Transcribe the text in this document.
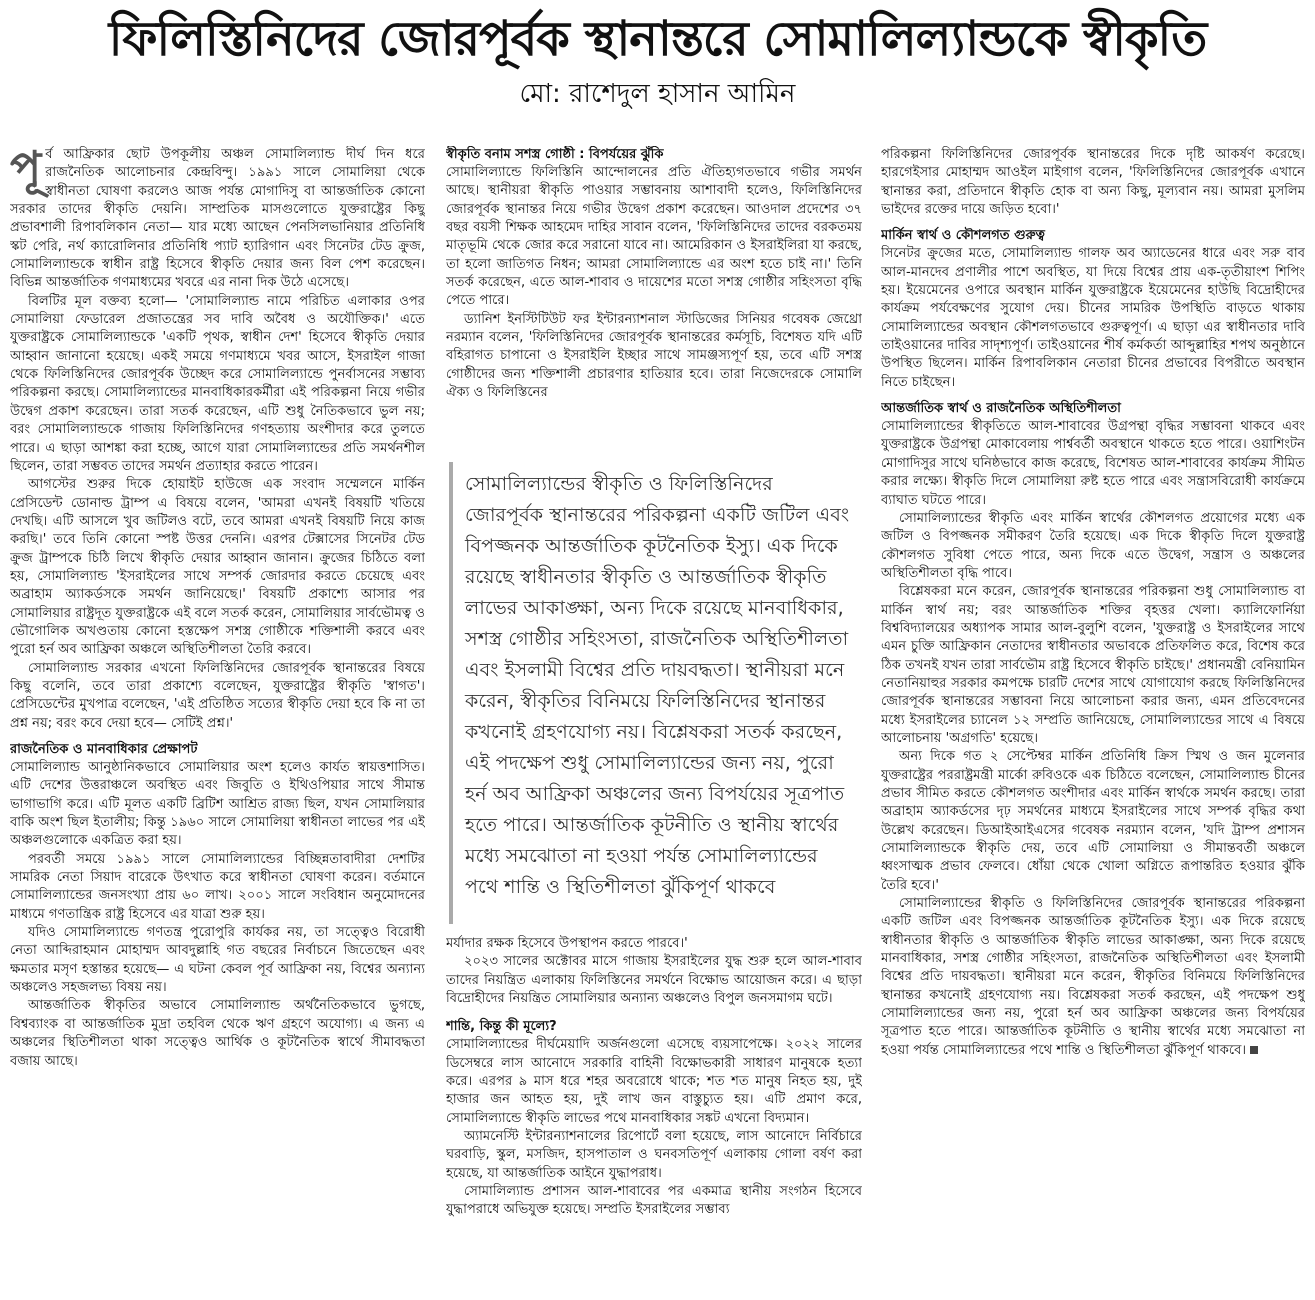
ফিলিস্তিনিদের জোরপূর্বক স্থানান্তরে সোমালিল্যান্ডকে স্বীকৃতি
মো: রাশেদুল হাসান আমিন

পূর্ব আফ্রিকার ছোট উপকূলীয় অঞ্চল সোমালিল্যান্ড দীর্ঘ দিন ধরে রাজনৈতিক আলোচনার কেন্দ্রবিন্দু। ১৯৯১ সালে সোমালিয়া থেকে স্বাধীনতা ঘোষণা করলেও আজ পর্যন্ত মোগাদিসু বা আন্তর্জাতিক কোনো সরকার তাদের স্বীকৃতি দেয়নি। সাম্প্রতিক মাসগুলোতে যুক্তরাষ্ট্রের কিছু প্রভাবশালী রিপাবলিকান নেতা— যার মধ্যে আছেন পেনসিলভানিয়ার প্রতিনিধি স্কট পেরি, নর্থ ক্যারোলিনার প্রতিনিধি প্যাট হ্যারিগান এবং সিনেটর টেড ক্রুজ, সোমালিল্যান্ডকে স্বাধীন রাষ্ট্র হিসেবে স্বীকৃতি দেয়ার জন্য বিল পেশ করেছেন। বিভিন্ন আন্তর্জাতিক গণমাধ্যমের খবরে এর নানা দিক উঠে এসেছে।

বিলটির মূল বক্তব্য হলো— 'সোমালিল্যান্ড নামে পরিচিত এলাকার ওপর সোমালিয়া ফেডারেল প্রজাতন্ত্রের সব দাবি অবৈধ ও অযৌক্তিক।' এতে যুক্তরাষ্ট্রকে সোমালিল্যান্ডকে 'একটি পৃথক, স্বাধীন দেশ' হিসেবে স্বীকৃতি দেয়ার আহ্বান জানানো হয়েছে। একই সময়ে গণমাধ্যমে খবর আসে, ইসরাইল গাজা থেকে ফিলিস্তিনিদের জোরপূর্বক উচ্ছেদ করে সোমালিল্যান্ডে পুনর্বাসনের সম্ভাব্য পরিকল্পনা করছে। সোমালিল্যান্ডের মানবাধিকারকর্মীরা এই পরিকল্পনা নিয়ে গভীর উদ্বেগ প্রকাশ করেছেন। তারা সতর্ক করেছেন, এটি শুধু নৈতিকভাবে ভুল নয়; বরং সোমালিল্যান্ডকে গাজায় ফিলিস্তিনিদের গণহত্যায় অংশীদার করে তুলতে পারে। এ ছাড়া আশঙ্কা করা হচ্ছে, আগে যারা সোমালিল্যান্ডের প্রতি সমর্থনশীল ছিলেন, তারা সম্ভবত তাদের সমর্থন প্রত্যাহার করতে পারেন।

আগস্টের শুরুর দিকে হোয়াইট হাউজে এক সংবাদ সম্মেলনে মার্কিন প্রেসিডেন্ট ডোনাল্ড ট্রাম্প এ বিষয়ে বলেন, 'আমরা এখনই বিষয়টি খতিয়ে দেখছি। এটি আসলে খুব জটিলও বটে, তবে আমরা এখনই বিষয়টি নিয়ে কাজ করছি।' তবে তিনি কোনো স্পষ্ট উত্তর দেননি। এরপর টেক্সাসের সিনেটর টেড ক্রুজ ট্রাম্পকে চিঠি লিখে স্বীকৃতি দেয়ার আহ্বান জানান। ক্রুজের চিঠিতে বলা হয়, সোমালিল্যান্ড 'ইসরাইলের সাথে সম্পর্ক জোরদার করতে চেয়েছে এবং অব্রাহাম অ্যাকর্ডসকে সমর্থন জানিয়েছে।' বিষয়টি প্রকাশ্যে আসার পর সোমালিয়ার রাষ্ট্রদূত যুক্তরাষ্ট্রকে এই বলে সতর্ক করেন, সোমালিয়ার সার্বভৌমত্ব ও ভৌগোলিক অখণ্ডতায় কোনো হস্তক্ষেপ সশস্ত্র গোষ্ঠীকে শক্তিশালী করবে এবং পুরো হর্ন অব আফ্রিকা অঞ্চলে অস্থিতিশীলতা তৈরি করবে।

সোমালিল্যান্ড সরকার এখনো ফিলিস্তিনিদের জোরপূর্বক স্থানান্তরের বিষয়ে কিছু বলেনি, তবে তারা প্রকাশ্যে বলেছেন, যুক্তরাষ্ট্রের স্বীকৃতি 'স্বাগত'। প্রেসিডেন্টের মুখপাত্র বলেছেন, 'এই প্রতিষ্ঠিত সত্যের স্বীকৃতি দেয়া হবে কি না তা প্রশ্ন নয়; বরং কবে দেয়া হবে— সেটিই প্রশ্ন।'

রাজনৈতিক ও মানবাধিকার প্রেক্ষাপট

সোমালিল্যান্ড আনুষ্ঠানিকভাবে সোমালিয়ার অংশ হলেও কার্যত স্বায়ত্তশাসিত। এটি দেশের উত্তরাঞ্চলে অবস্থিত এবং জিবুতি ও ইথিওপিয়ার সাথে সীমান্ত ভাগাভাগি করে। এটি মূলত একটি ব্রিটিশ আশ্রিত রাজ্য ছিল, যখন সোমালিয়ার বাকি অংশ ছিল ইতালীয়; কিন্তু ১৯৬০ সালে সোমালিয়া স্বাধীনতা লাভের পর এই অঞ্চলগুলোকে একত্রিত করা হয়।

পরবর্তী সময়ে ১৯৯১ সালে সোমালিল্যান্ডের বিচ্ছিন্নতাবাদীরা দেশটির সামরিক নেতা সিয়াদ বারেকে উৎখাত করে স্বাধীনতা ঘোষণা করেন। বর্তমানে সোমালিল্যান্ডের জনসংখ্যা প্রায় ৬০ লাখ। ২০০১ সালে সংবিধান অনুমোদনের মাধ্যমে গণতান্ত্রিক রাষ্ট্র হিসেবে এর যাত্রা শুরু হয়।

যদিও সোমালিল্যান্ডে গণতন্ত্র পুরোপুরি কার্যকর নয়, তা সত্ত্বেও বিরোধী নেতা আব্দিরাহমান মোহাম্মদ আবদুল্লাহি গত বছরের নির্বাচনে জিতেছেন এবং ক্ষমতার মসৃণ হস্তান্তর হয়েছে— এ ঘটনা কেবল পূর্ব আফ্রিকা নয়, বিশ্বের অন্যান্য অঞ্চলেও সহজলভ্য বিষয় নয়।

আন্তর্জাতিক স্বীকৃতির অভাবে সোমালিল্যান্ড অর্থনৈতিকভাবে ভুগছে, বিশ্বব্যাংক বা আন্তর্জাতিক মুদ্রা তহবিল থেকে ঋণ গ্রহণে অযোগ্য। এ জন্য এ অঞ্চলের স্থিতিশীলতা থাকা সত্ত্বেও আর্থিক ও কূটনৈতিক স্বার্থে সীমাবদ্ধতা বজায় আছে।

স্বীকৃতি বনাম সশস্ত্র গোষ্ঠী : বিপর্যয়ের ঝুঁকি

সোমালিল্যান্ডে ফিলিস্তিনি আন্দোলনের প্রতি ঐতিহ্যগতভাবে গভীর সমর্থন আছে। স্থানীয়রা স্বীকৃতি পাওয়ার সম্ভাবনায় আশাবাদী হলেও, ফিলিস্তিনিদের জোরপূর্বক স্থানান্তর নিয়ে গভীর উদ্বেগ প্রকাশ করেছেন। আওদাল প্রদেশের ৩৭ বছর বয়সী শিক্ষক আহমেদ দাহির সাবান বলেন, 'ফিলিস্তিনিদের তাদের বরকতময় মাতৃভূমি থেকে জোর করে সরানো যাবে না। আমেরিকান ও ইসরাইলিরা যা করছে, তা হলো জাতিগত নিধন; আমরা সোমালিল্যান্ডে এর অংশ হতে চাই না।' তিনি সতর্ক করেছেন, এতে আল-শাবাব ও দায়েশের মতো সশস্ত্র গোষ্ঠীর সহিংসতা বৃদ্ধি পেতে পারে।

ড্যানিশ ইনস্টিটিউট ফর ইন্টারন্যাশনাল স্টাডিজের সিনিয়র গবেষক জেথ্রো নরম্যান বলেন, 'ফিলিস্তিনিদের জোরপূর্বক স্থানান্তরের কর্মসূচি, বিশেষত যদি এটি বহিরাগত চাপানো ও ইসরাইলি ইচ্ছার সাথে সামঞ্জস্যপূর্ণ হয়, তবে এটি সশস্ত্র গোষ্ঠীদের জন্য শক্তিশালী প্রচারণার হাতিয়ার হবে। তারা নিজেদেরকে সোমালি ঐক্য ও ফিলিস্তিনের

সোমালিল্যান্ডের স্বীকৃতি ও ফিলিস্তিনিদের জোরপূর্বক স্থানান্তরের পরিকল্পনা একটি জটিল এবং বিপজ্জনক আন্তর্জাতিক কূটনৈতিক ইস্যু। এক দিকে রয়েছে স্বাধীনতার স্বীকৃতি ও আন্তর্জাতিক স্বীকৃতি লাভের আকাঙ্ক্ষা, অন্য দিকে রয়েছে মানবাধিকার, সশস্ত্র গোষ্ঠীর সহিংসতা, রাজনৈতিক অস্থিতিশীলতা এবং ইসলামী বিশ্বের প্রতি দায়বদ্ধতা। স্থানীয়রা মনে করেন, স্বীকৃতির বিনিময়ে ফিলিস্তিনিদের স্থানান্তর কখনোই গ্রহণযোগ্য নয়। বিশ্লেষকরা সতর্ক করছেন, এই পদক্ষেপ শুধু সোমালিল্যান্ডের জন্য নয়, পুরো হর্ন অব আফ্রিকা অঞ্চলের জন্য বিপর্যয়ের সূত্রপাত হতে পারে। আন্তর্জাতিক কূটনীতি ও স্থানীয় স্বার্থের মধ্যে সমঝোতা না হওয়া পর্যন্ত সোমালিল্যান্ডের পথে শান্তি ও স্থিতিশীলতা ঝুঁকিপূর্ণ থাকবে

মর্যাদার রক্ষক হিসেবে উপস্থাপন করতে পারবে।'

২০২৩ সালের অক্টোবর মাসে গাজায় ইসরাইলের যুদ্ধ শুরু হলে আল-শাবাব তাদের নিয়ন্ত্রিত এলাকায় ফিলিস্তিনের সমর্থনে বিক্ষোভ আয়োজন করে। এ ছাড়া বিদ্রোহীদের নিয়ন্ত্রিত সোমালিয়ার অন্যান্য অঞ্চলেও বিপুল জনসমাগম ঘটে।

শান্তি, কিন্তু কী মূল্যে?

সোমালিল্যান্ডের দীর্ঘমেয়াদি অর্জনগুলো এসেছে ব্যয়সাপেক্ষে। ২০২২ সালের ডিসেম্বরে লাস আনোদে সরকারি বাহিনী বিক্ষোভকারী সাধারণ মানুষকে হত্যা করে। এরপর ৯ মাস ধরে শহর অবরোধে থাকে; শত শত মানুষ নিহত হয়, দুই হাজার জন আহত হয়, দুই লাখ জন বাস্তুচ্যুত হয়। এটি প্রমাণ করে, সোমালিল্যান্ডে স্বীকৃতি লাভের পথে মানবাধিকার সঙ্কট এখনো বিদ্যমান।

অ্যামনেস্টি ইন্টারন্যাশনালের রিপোর্টে বলা হয়েছে, লাস আনোদে নির্বিচারে ঘরবাড়ি, স্কুল, মসজিদ, হাসপাতাল ও ঘনবসতিপূর্ণ এলাকায় গোলা বর্ষণ করা হয়েছে, যা আন্তর্জাতিক আইনে যুদ্ধাপরাধ।

সোমালিল্যান্ড প্রশাসন আল-শাবাবের পর একমাত্র স্থানীয় সংগঠন হিসেবে যুদ্ধাপরাধে অভিযুক্ত হয়েছে। সম্প্রতি ইসরাইলের সম্ভাব্য

পরিকল্পনা ফিলিস্তিনিদের জোরপূর্বক স্থানান্তরের দিকে দৃষ্টি আকর্ষণ করেছে। হারগেইসার মোহাম্মদ আওইল মাইগাগ বলেন, 'ফিলিস্তিনিদের জোরপূর্বক এখানে স্থানান্তর করা, প্রতিদানে স্বীকৃতি হোক বা অন্য কিছু, মূল্যবান নয়। আমরা মুসলিম ভাইদের রক্তের দায়ে জড়িত হবো।'

মার্কিন স্বার্থ ও কৌশলগত গুরুত্ব

সিনেটর ক্রুজের মতে, সোমালিল্যান্ড গালফ অব অ্যাডেনের ধারে এবং সরু বাব আল-মানদেব প্রণালীর পাশে অবস্থিত, যা দিয়ে বিশ্বের প্রায় এক-তৃতীয়াংশ শিপিং হয়। ইয়েমেনের ওপারে অবস্থান মার্কিন যুক্তরাষ্ট্রকে ইয়েমেনের হাউছি বিদ্রোহীদের কার্যক্রম পর্যবেক্ষণের সুযোগ দেয়। চীনের সামরিক উপস্থিতি বাড়তে থাকায় সোমালিল্যান্ডের অবস্থান কৌশলগতভাবে গুরুত্বপূর্ণ। এ ছাড়া এর স্বাধীনতার দাবি তাইওয়ানের দাবির সাদৃশ্যপূর্ণ। তাইওয়ানের শীর্ষ কর্মকর্তা আব্দুল্লাহির শপথ অনুষ্ঠানে উপস্থিত ছিলেন। মার্কিন রিপাবলিকান নেতারা চীনের প্রভাবের বিপরীতে অবস্থান নিতে চাইছেন।

আন্তর্জাতিক স্বার্থ ও রাজনৈতিক অস্থিতিশীলতা

সোমালিল্যান্ডের স্বীকৃতিতে আল-শাবাবের উগ্রপন্থা বৃদ্ধির সম্ভাবনা থাকবে এবং যুক্তরাষ্ট্রকে উগ্রপন্থা মোকাবেলায় পার্শ্ববর্তী অবস্থানে থাকতে হতে পারে। ওয়াশিংটন মোগাদিসুর সাথে ঘনিষ্ঠভাবে কাজ করেছে, বিশেষত আল-শাবাবের কার্যক্রম সীমিত করার লক্ষ্যে। স্বীকৃতি দিলে সোমালিয়া রুষ্ট হতে পারে এবং সন্ত্রাসবিরোধী কার্যক্রমে ব্যাঘাত ঘটতে পারে।

সোমালিল্যান্ডের স্বীকৃতি এবং মার্কিন স্বার্থের কৌশলগত প্রয়োগের মধ্যে এক জটিল ও বিপজ্জনক সমীকরণ তৈরি হয়েছে। এক দিকে স্বীকৃতি দিলে যুক্তরাষ্ট্র কৌশলগত সুবিধা পেতে পারে, অন্য দিকে এতে উদ্বেগ, সন্ত্রাস ও অঞ্চলের অস্থিতিশীলতা বৃদ্ধি পাবে।

বিশ্লেষকরা মনে করেন, জোরপূর্বক স্থানান্তরের পরিকল্পনা শুধু সোমালিল্যান্ড বা মার্কিন স্বার্থ নয়; বরং আন্তর্জাতিক শক্তির বৃহত্তর খেলা। ক্যালিফোর্নিয়া বিশ্ববিদ্যালয়ের অধ্যাপক সামার আল-বুলুশি বলেন, 'যুক্তরাষ্ট্র ও ইসরাইলের সাথে এমন চুক্তি আফ্রিকান নেতাদের স্বাধীনতার অভাবকে প্রতিফলিত করে, বিশেষ করে ঠিক তখনই যখন তারা সার্বভৌম রাষ্ট্র হিসেবে স্বীকৃতি চাইছে।' প্রধানমন্ত্রী বেনিয়ামিন নেতানিয়াহুর সরকার কমপক্ষে চারটি দেশের সাথে যোগাযোগ করছে ফিলিস্তিনিদের জোরপূর্বক স্থানান্তরের সম্ভাবনা নিয়ে আলোচনা করার জন্য, এমন প্রতিবেদনের মধ্যে ইসরাইলের চ্যানেল ১২ সম্প্রতি জানিয়েছে, সোমালিল্যান্ডের সাথে এ বিষয়ে আলোচনায় 'অগ্রগতি' হয়েছে।

অন্য দিকে গত ২ সেপ্টেম্বর মার্কিন প্রতিনিধি ক্রিস স্মিথ ও জন মুলেনার যুক্তরাষ্ট্রের পররাষ্ট্রমন্ত্রী মার্কো রুবিওকে এক চিঠিতে বলেছেন, সোমালিল্যান্ড চীনের প্রভাব সীমিত করতে কৌশলগত অংশীদার এবং মার্কিন স্বার্থকে সমর্থন করছে। তারা অব্রাহাম অ্যাকর্ডসের দৃঢ় সমর্থনের মাধ্যমে ইসরাইলের সাথে সম্পর্ক বৃদ্ধির কথা উল্লেখ করেছেন। ডিআইআইএসের গবেষক নরম্যান বলেন, 'যদি ট্রাম্প প্রশাসন সোমালিল্যান্ডকে স্বীকৃতি দেয়, তবে এটি সোমালিয়া ও সীমান্তবর্তী অঞ্চলে ধ্বংসাত্মক প্রভাব ফেলবে। ধোঁয়া থেকে খোলা অগ্নিতে রূপান্তরিত হওয়ার ঝুঁকি তৈরি হবে।'

সোমালিল্যান্ডের স্বীকৃতি ও ফিলিস্তিনিদের জোরপূর্বক স্থানান্তরের পরিকল্পনা একটি জটিল এবং বিপজ্জনক আন্তর্জাতিক কূটনৈতিক ইস্যু। এক দিকে রয়েছে স্বাধীনতার স্বীকৃতি ও আন্তর্জাতিক স্বীকৃতি লাভের আকাঙ্ক্ষা, অন্য দিকে রয়েছে মানবাধিকার, সশস্ত্র গোষ্ঠীর সহিংসতা, রাজনৈতিক অস্থিতিশীলতা এবং ইসলামী বিশ্বের প্রতি দায়বদ্ধতা। স্থানীয়রা মনে করেন, স্বীকৃতির বিনিময়ে ফিলিস্তিনিদের স্থানান্তর কখনোই গ্রহণযোগ্য নয়। বিশ্লেষকরা সতর্ক করছেন, এই পদক্ষেপ শুধু সোমালিল্যান্ডের জন্য নয়, পুরো হর্ন অব আফ্রিকা অঞ্চলের জন্য বিপর্যয়ের সূত্রপাত হতে পারে। আন্তর্জাতিক কূটনীতি ও স্থানীয় স্বার্থের মধ্যে সমঝোতা না হওয়া পর্যন্ত সোমালিল্যান্ডের পথে শান্তি ও স্থিতিশীলতা ঝুঁকিপূর্ণ থাকবে।
